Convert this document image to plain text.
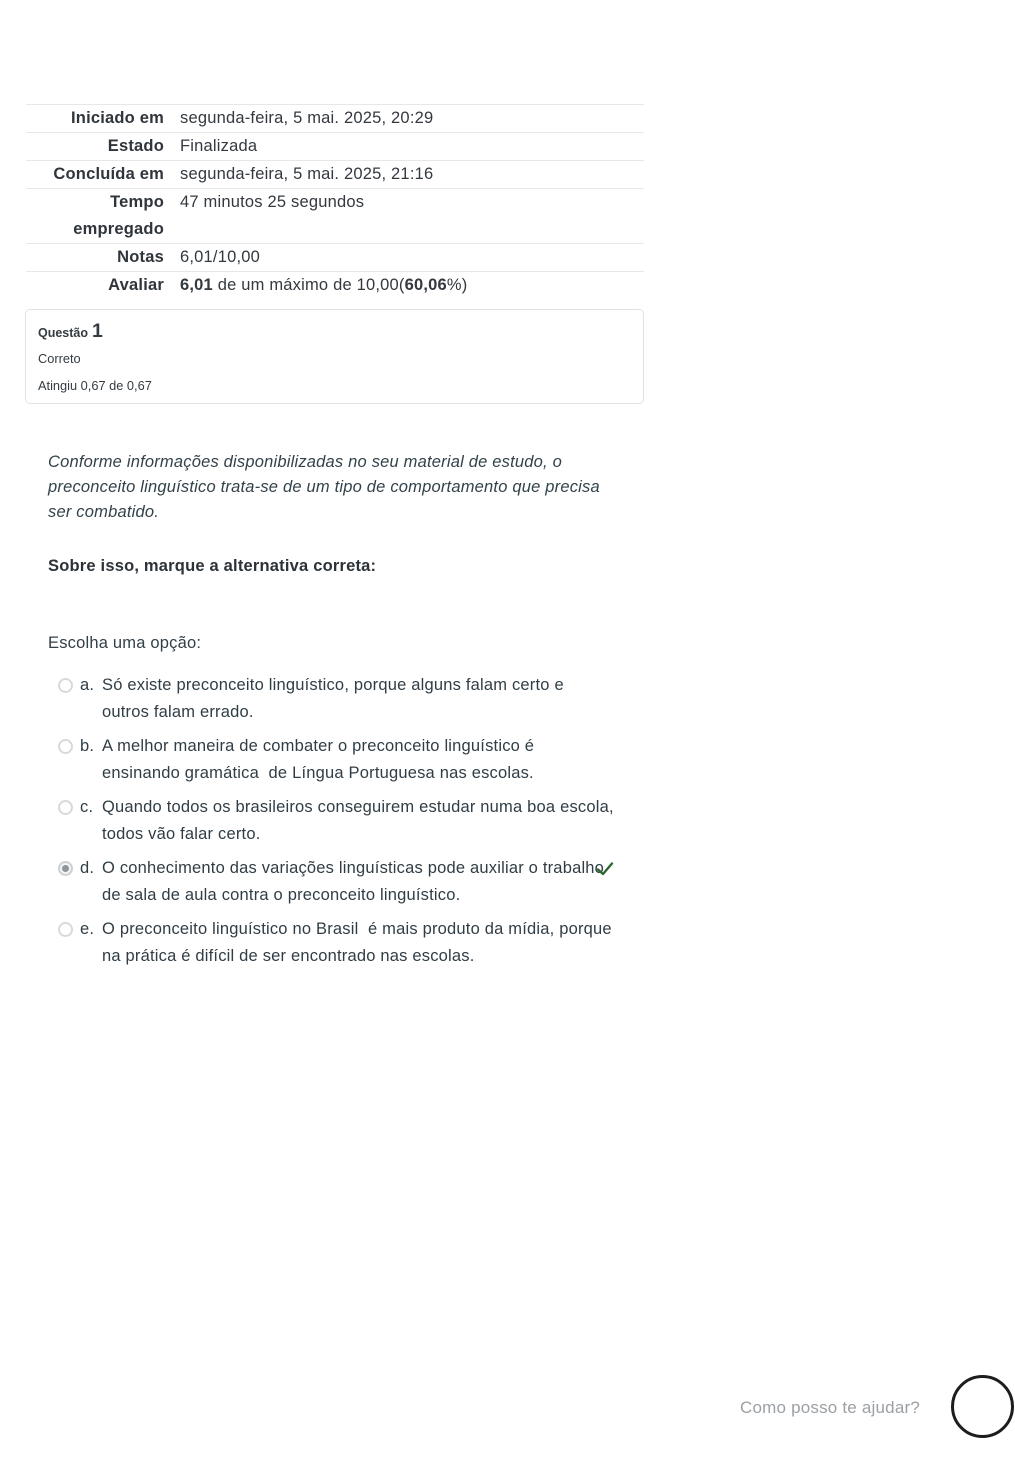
Iniciado em segunda-feira, 5 mai. 2025, 20:29
Estado Finalizada
Concluída em segunda-feira, 5 mai. 2025, 21:16
Tempo empregado
47 minutos 25 segundos
Notas 6,01/10,00
Avaliar 6,01 de um máximo de 10,00(60,06%)
Questão 1
Correto
Atingiu 0,67 de 0,67
Conforme informações disponibilizadas no seu material de estudo, o preconceito linguístico trata-se de um tipo de comportamento que precisa ser combatido.
Sobre isso, marque a alternativa correta:
Escolha uma opção:
a. Só existe preconceito linguístico, porque alguns falam certo e outros falam errado.
b. A melhor maneira de combater o preconceito linguístico é ensinando gramática  de Língua Portuguesa nas escolas.
c. Quando todos os brasileiros conseguirem estudar numa boa escola,  todos vão falar certo.
d. O conhecimento das variações linguísticas pode auxiliar o trabalho de sala de aula contra o preconceito linguístico.
e. O preconceito linguístico no Brasil  é mais produto da mídia, porque na prática é difícil de ser encontrado nas escolas.
Como posso te ajudar?
